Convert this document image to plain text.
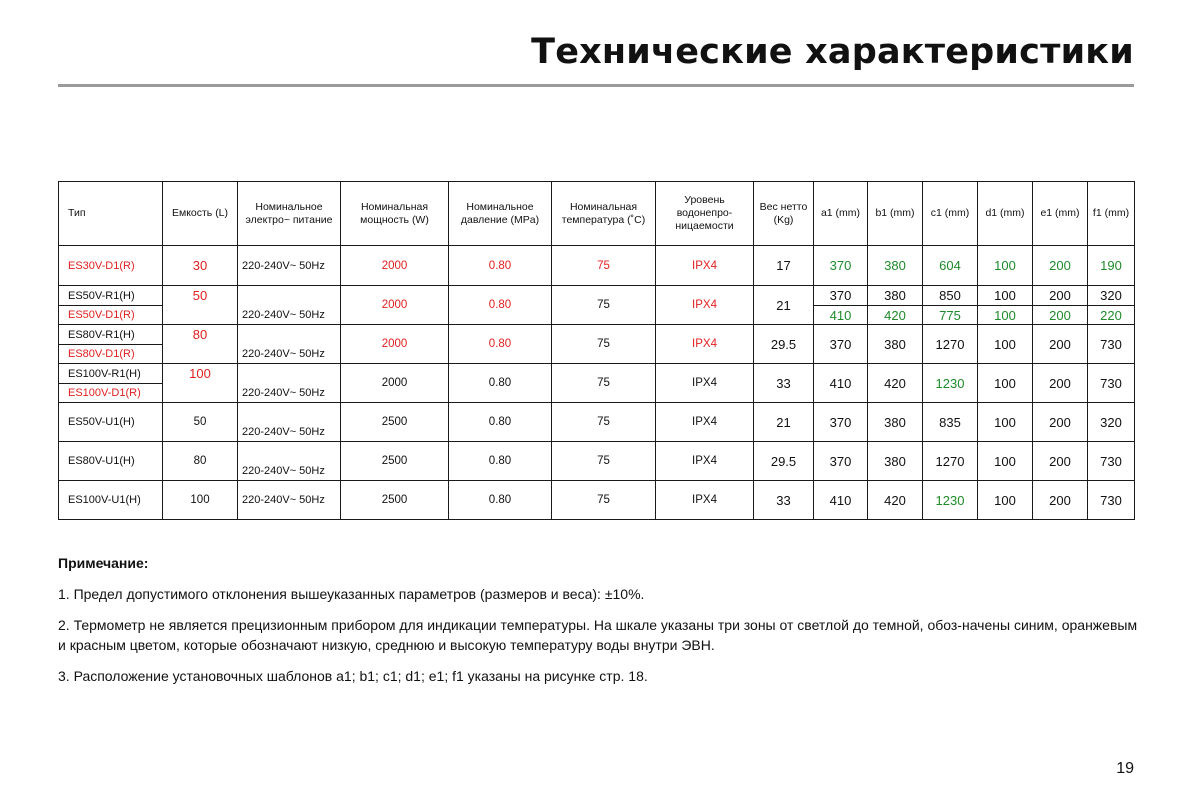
Технические характеристики
Тип	Емкость (L)	Номинальное электро~ питание	Номинальная мощность (W)	Номинальное давление (MPa)	Номинальная температура (˚C)	Уровень водонепро-ницаемости	Вес нетто (Kg)	a1 (mm)	b1 (mm)	c1 (mm)	d1 (mm)	e1 (mm)	f1 (mm)
ES30V-D1(R)	30	220-240V~ 50Hz	2000	0.80	75	IPX4	17	370	380	604	100	200	190
ES50V-R1(H)	50	220-240V~ 50Hz	2000	0.80	75	IPX4	21	370	380	850	100	200	320
ES50V-D1(R)								410	420	775	100	200	220
ES80V-R1(H)	80	220-240V~ 50Hz	2000	0.80	75	IPX4	29.5	370	380	1270	100	200	730
ES80V-D1(R)													
ES100V-R1(H)	100	220-240V~ 50Hz	2000	0.80	75	IPX4	33	410	420	1230	100	200	730
ES100V-D1(R)													
ES50V-U1(H)	50	220-240V~ 50Hz	2500	0.80	75	IPX4	21	370	380	835	100	200	320
ES80V-U1(H)	80	220-240V~ 50Hz	2500	0.80	75	IPX4	29.5	370	380	1270	100	200	730
ES100V-U1(H)	100	220-240V~ 50Hz	2500	0.80	75	IPX4	33	410	420	1230	100	200	730
Примечание:

1. Предел допустимого отклонения вышеуказанных параметров (размеров и веса): ±10%.

2. Термометр не является прецизионным прибором для индикации температуры. На шкале указаны три зоны от светлой до темной, обоз-начены синим, оранжевым и красным цветом, которые обозначают низкую, среднюю и высокую температуру воды внутри ЭВН.

3. Расположение установочных шаблонов a1; b1; c1; d1; e1; f1 указаны на рисунке стр. 18.

19
